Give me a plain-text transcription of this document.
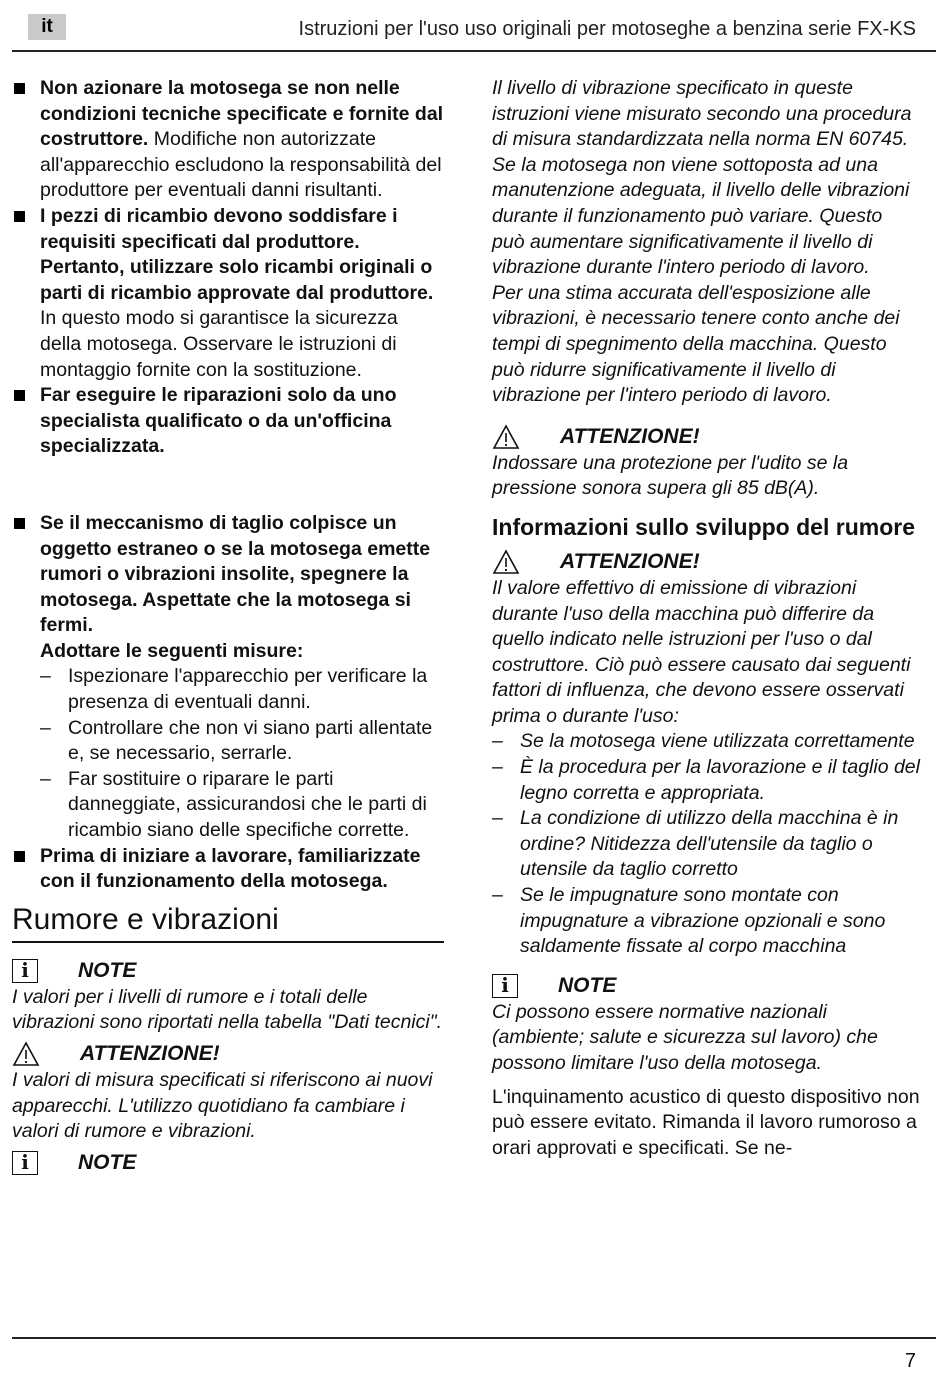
it	Istruzioni per l'uso uso originali per motoseghe a benzina serie FX-KS
Non azionare la motosega se non nelle condizioni tecniche specificate e fornite dal costruttore. Modifiche non autorizzate all'apparecchio escludono la responsabilità del produttore per eventuali danni risultanti.
I pezzi di ricambio devono soddisfare i requisiti specificati dal produttore. Pertanto, utilizzare solo ricambi originali o parti di ricambio approvate dal produttore. In questo modo si garantisce la sicurezza della motosega. Osservare le istruzioni di montaggio fornite con la sostituzione.
Far eseguire le riparazioni solo da uno specialista qualificato o da un'officina specializzata.
Se il meccanismo di taglio colpisce un oggetto estraneo o se la motosega emette rumori o vibrazioni insolite, spegnere la motosega. Aspettate che la motosega si fermi.
Adottare le seguenti misure:
– Ispezionare l'apparecchio per verificare la presenza di eventuali danni.
– Controllare che non vi siano parti allentate e, se necessario, serrarle.
– Far sostituire o riparare le parti danneggiate, assicurandosi che le parti di ricambio siano delle specifiche corrette.
Prima di iniziare a lavorare, familiarizzate con il funzionamento della motosega.
Rumore e vibrazioni
i	NOTE
I valori per i livelli di rumore e i totali delle vibrazioni sono riportati nella tabella "Dati tecnici".
ATTENZIONE!
I valori di misura specificati si riferiscono ai nuovi apparecchi. L'utilizzo quotidiano fa cambiare i valori di rumore e vibrazioni.
i	NOTE
Il livello di vibrazione specificato in queste istruzioni viene misurato secondo una procedura di misura standardizzata nella norma EN 60745.
Se la motosega non viene sottoposta ad una manutenzione adeguata, il livello delle vibrazioni durante il funzionamento può variare. Questo può aumentare significativamente il livello di vibrazione durante l'intero periodo di lavoro.
Per una stima accurata dell'esposizione alle vibrazioni, è necessario tenere conto anche dei tempi di spegnimento della macchina. Questo può ridurre significativamente il livello di vibrazione per l'intero periodo di lavoro.
ATTENZIONE!
Indossare una protezione per l'udito se la pressione sonora supera gli 85 dB(A).
Informazioni sullo sviluppo del rumore
ATTENZIONE!
Il valore effettivo di emissione di vibrazioni durante l'uso della macchina può differire da quello indicato nelle istruzioni per l'uso o dal costruttore. Ciò può essere causato dai seguenti fattori di influenza, che devono essere osservati prima o durante l'uso:
– Se la motosega viene utilizzata correttamente
– È la procedura per la lavorazione e il taglio del legno corretta e appropriata.
– La condizione di utilizzo della macchina è in ordine? Nitidezza dell'utensile da taglio o utensile da taglio corretto
– Se le impugnature sono montate con impugnature a vibrazione opzionali e sono saldamente fissate al corpo macchina
i	NOTE
Ci possono essere normative nazionali (ambiente; salute e sicurezza sul lavoro) che possono limitare l'uso della motosega.
L'inquinamento acustico di questo dispositivo non può essere evitato. Rimanda il lavoro rumoroso a orari approvati e specificati. Se ne-
7
